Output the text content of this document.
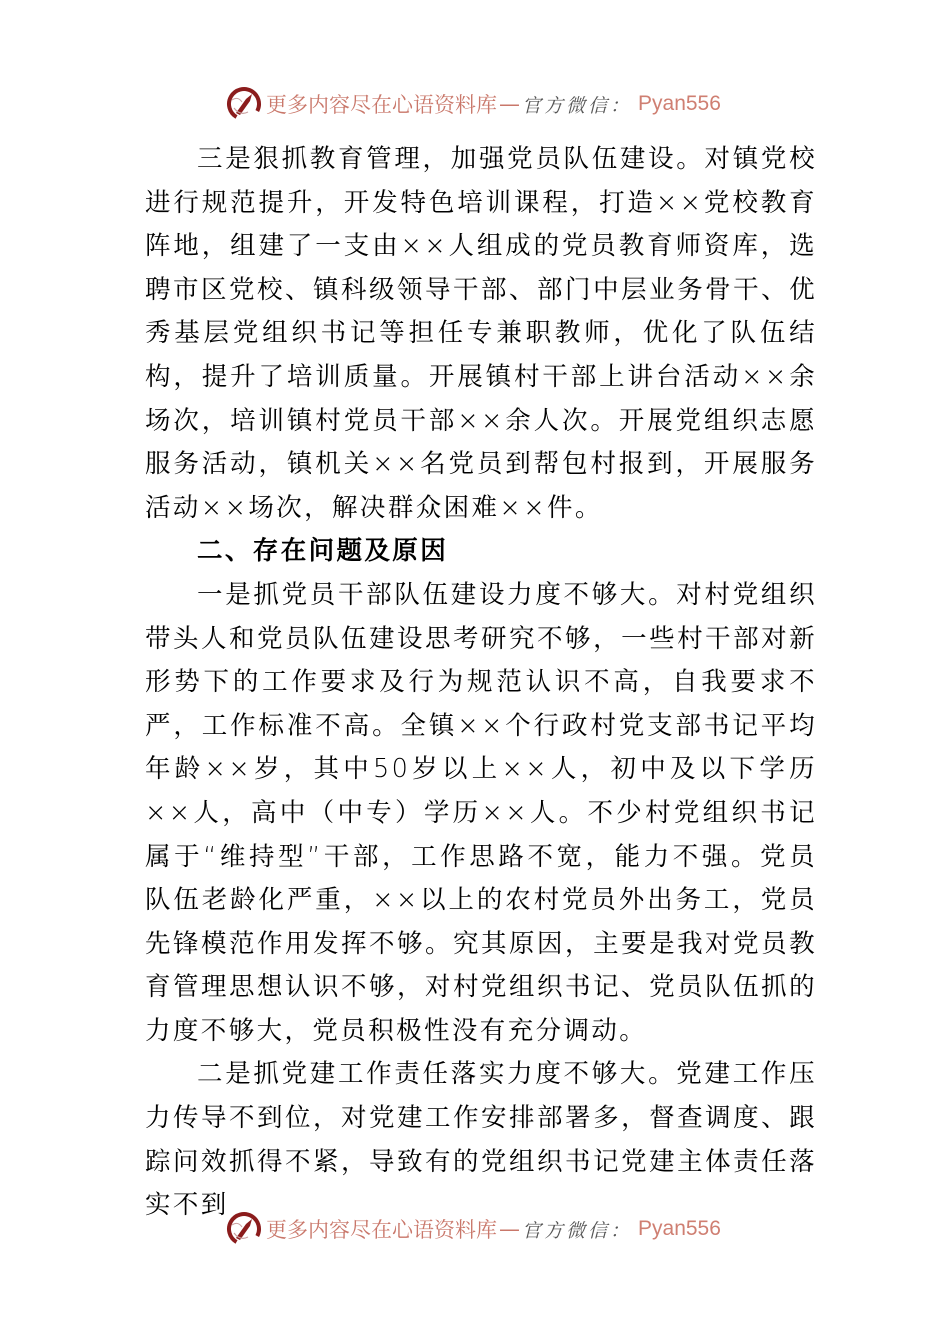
更多内容尽在心语资料库 — 官方微信： Pyan556

三是狠抓教育管理，加强党员队伍建设。对镇党校进行规范提升，开发特色培训课程，打造××党校教育阵地，组建了一支由××人组成的党员教育师资库，选聘市区党校、镇科级领导干部、部门中层业务骨干、优秀基层党组织书记等担任专兼职教师，优化了队伍结构，提升了培训质量。开展镇村干部上讲台活动××余场次，培训镇村党员干部××余人次。开展党组织志愿服务活动，镇机关××名党员到帮包村报到，开展服务活动××场次，解决群众困难××件。

二、存在问题及原因

一是抓党员干部队伍建设力度不够大。对村党组织带头人和党员队伍建设思考研究不够，一些村干部对新形势下的工作要求及行为规范认识不高，自我要求不严，工作标准不高。全镇××个行政村党支部书记平均年龄××岁，其中50岁以上××人，初中及以下学历××人，高中（中专）学历××人。不少村党组织书记属于“维持型”干部，工作思路不宽，能力不强。党员队伍老龄化严重，××以上的农村党员外出务工，党员先锋模范作用发挥不够。究其原因，主要是我对党员教育管理思想认识不够，对村党组织书记、党员队伍抓的力度不够大，党员积极性没有充分调动。

二是抓党建工作责任落实力度不够大。党建工作压力传导不到位，对党建工作安排部署多，督查调度、跟踪问效抓得不紧，导致有的党组织书记党建主体责任落实不到

更多内容尽在心语资料库 — 官方微信： Pyan556
